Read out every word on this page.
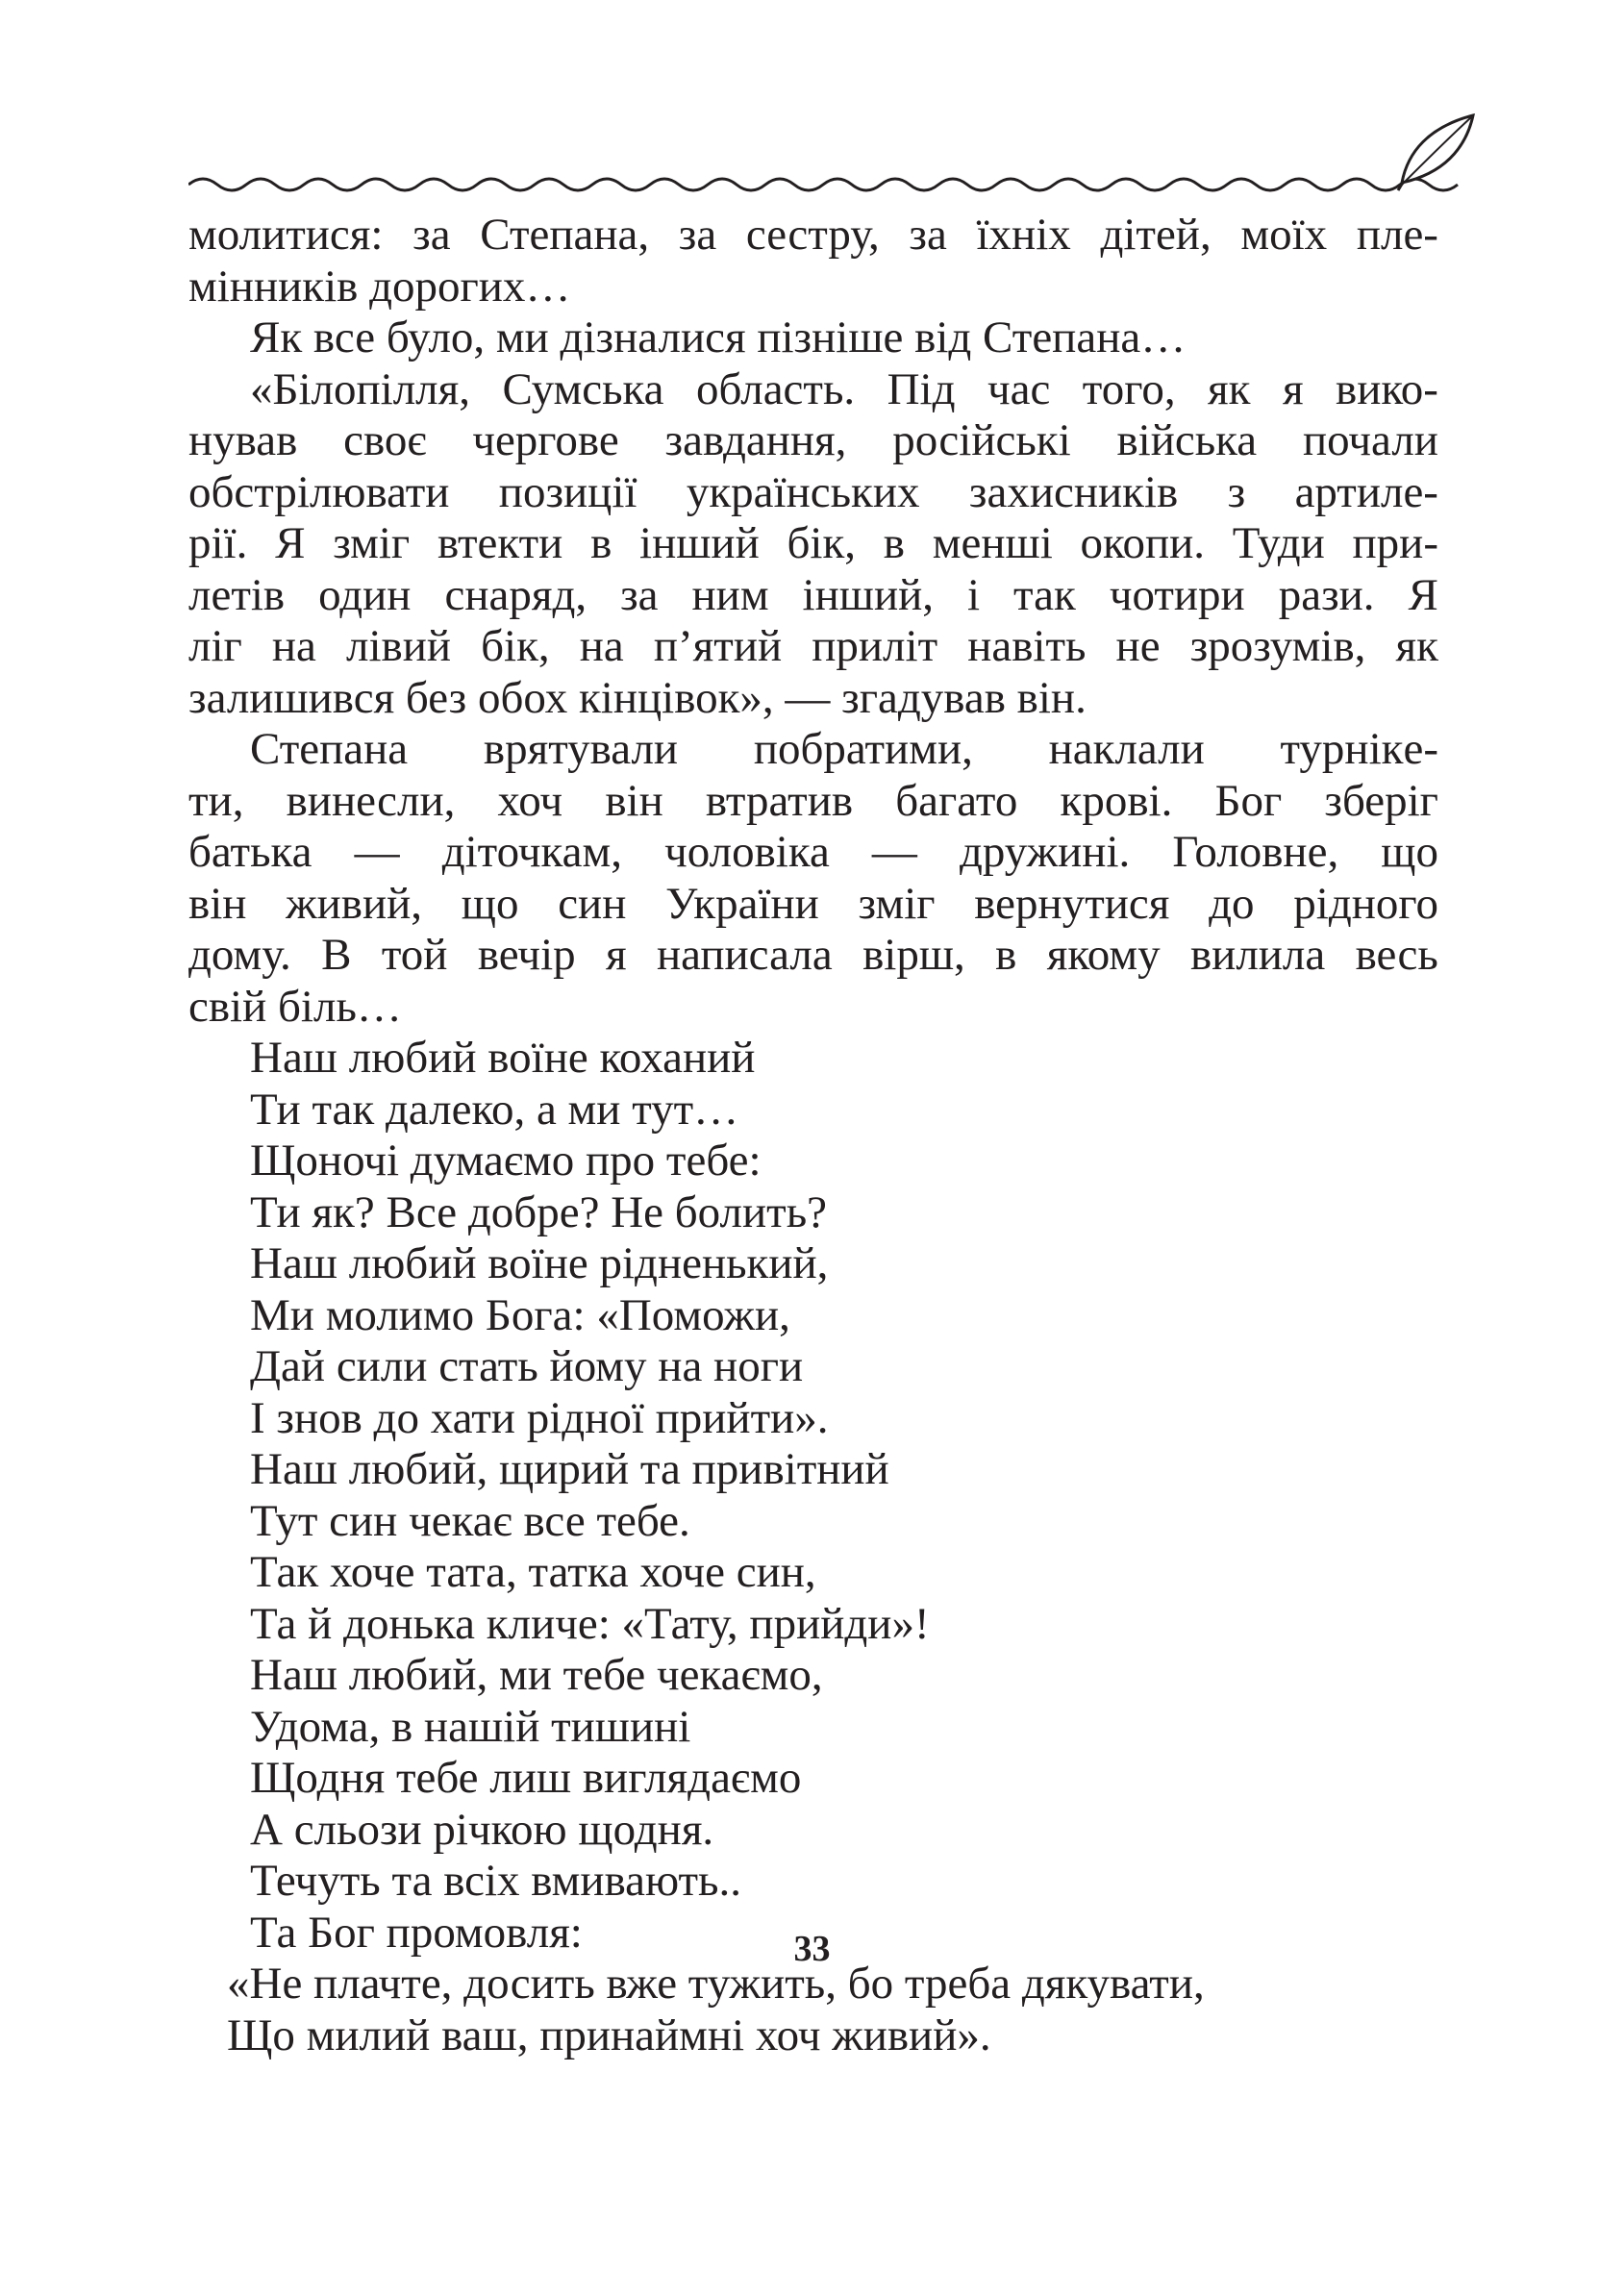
молитися: за Степана, за сестру, за їхніх дітей, моїх пле-
мінників дорогих…
Як все було, ми дізналися пізніше від Степана…
«Білопілля, Сумська область. Під час того, як я вико-
нував своє чергове завдання, російські війська почали
обстрілювати позиції українських захисників з артиле-
рії. Я зміг втекти в інший бік, в менші окопи. Туди при-
летів один снаряд, за ним інший, і так чотири рази. Я
ліг на лівий бік, на п’ятий приліт навіть не зрозумів, як
залишився без обох кінцівок», — згадував він.
Степана врятували побратими, наклали турнікe-
ти, винесли, хоч він втратив багато крові. Бог зберіг
батька — діточкам, чоловіка — дружині. Головне, що
він живий, що син України зміг вернутися до рідного
дому. В той вечір я написала вірш, в якому вилила весь
свій біль…
Наш любий воїне коханий
Ти так далеко, а ми тут…
Щоночі думаємо про тебе:
Ти як? Все добре? Не болить?
Наш любий воїне рідненький,
Ми молимо Бога: «Поможи,
Дай сили стать йому на ноги
І знов до хати рідної прийти».
Наш любий, щирий та привітний
Тут син чекає все тебе.
Так хоче тата, татка хоче син,
Та й донька кличе: «Тату, прийди»!
Наш любий, ми тебе чекаємо,
Удома, в нашій тишині
Щодня тебе лиш виглядаємо
А сльози річкою щодня.
Течуть та всіх вмивають..
Та Бог промовля:
«Не плачте, досить вже тужить, бо треба дякувати,
Що милий ваш, принаймні хоч живий».
33
